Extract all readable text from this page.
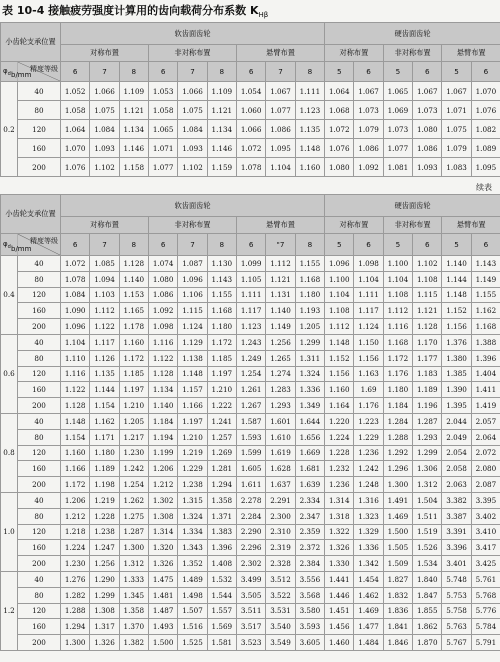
表 10-4 接触疲劳强度计算用的齿向载荷分布系数 $K_{H\beta}$
小齿轮支承位置		软齿面齿轮									硬齿面齿轮					
		对称布置			非对称布置			悬臂布置			对称布置		非对称布置		悬臂布置	

$\varphi_d$
精度等级
b/mm		6	7	8	6	7	8	6	7	8	5	6	5	6	5	6
0.2	40	1.052	1.066	1.109	1.053	1.066	1.109	1.054	1.067	1.111	1.064	1.067	1.065	1.067	1.067	1.070
	80	1.058	1.075	1.121	1.058	1.075	1.121	1.060	1.077	1.123	1.068	1.073	1.069	1.073	1.071	1.076
	120	1.064	1.084	1.134	1.065	1.084	1.134	1.066	1.086	1.135	1.072	1.079	1.073	1.080	1.075	1.082
	160	1.070	1.093	1.146	1.071	1.093	1.146	1.072	1.095	1.148	1.076	1.086	1.077	1.086	1.079	1.089
	200	1.076	1.102	1.158	1.077	1.102	1.159	1.078	1.104	1.160	1.080	1.092	1.081	1.093	1.083	1.095
续表
小齿轮支承位置		软齿面齿轮									硬齿面齿轮					
		对称布置			非对称布置			悬臂布置			对称布置		非对称布置		悬臂布置	

$\varphi_d$
精度等级
b/mm		6	7	8	6	7	8	6	"7	8	5	6	5	6	5	6
0.4	40	1.072	1.085	1.128	1.074	1.087	1.130	1.099	1.112	1.155	1.096	1.098	1.100	1.102	1.140	1.143
	80	1.078	1.094	1.140	1.080	1.096	1.143	1.105	1.121	1.168	1.100	1.104	1.104	1.108	1.144	1.149
	120	1.084	1.103	1.153	1.086	1.106	1.155	1.111	1.131	1.180	1.104	1.111	1.108	1.115	1.148	1.155
	160	1.090	1.112	1.165	1.092	1.115	1.168	1.117	1.140	1.193	1.108	1.117	1.112	1.121	1.152	1.162
	200	1.096	1.122	1.178	1.098	1.124	1.180	1.123	1.149	1.205	1.112	1.124	1.116	1.128	1.156	1.168
0.6	40	1.104	1.117	1.160	1.116	1.129	1.172	1.243	1.256	1.299	1.148	1.150	1.168	1.170	1.376	1.388
	80	1.110	1.126	1.172	1.122	1.138	1.185	1.249	1.265	1.311	1.152	1.156	1.172	1.177	1.380	1.396
	120	1.116	1.135	1.185	1.128	1.148	1.197	1.254	1.274	1.324	1.156	1.163	1.176	1.183	1.385	1.404
	160	1.122	1.144	1.197	1.134	1.157	1.210	1.261	1.283	1.336	1.160	1.69	1.180	1.189	1.390	1.411
	200	1.128	1.154	1.210	1.140	1.166	1.222	1.267	1.293	1.349	1.164	1.176	1.184	1.196	1.395	1.419
0.8	40	1.148	1.162	1.205	1.184	1.197	1.241	1.587	1.601	1.644	1.220	1.223	1.284	1.287	2.044	2.057
	80	1.154	1.171	1.217	1.194	1.210	1.257	1.593	1.610	1.656	1.224	1.229	1.288	1.293	2.049	2.064
	120	1.160	1.180	1.230	1.199	1.219	1.269	1.599	1.619	1.669	1.228	1.236	1.292	1.299	2.054	2.072
	160	1.166	1.189	1.242	1.206	1.229	1.281	1.605	1.628	1.681	1.232	1.242	1.296	1.306	2.058	2.080
	200	1.172	1.198	1.254	1.212	1.238	1.294	1.611	1.637	1.639	1.236	1.248	1.300	1.312	2.063	2.087
1.0	40	1.206	1.219	1.262	1.302	1.315	1.358	2.278	2.291	2.334	1.314	1.316	1.491	1.504	3.382	3.395
	80	1.212	1.228	1.275	1.308	1.324	1.371	2.284	2.300	2.347	1.318	1.323	1.469	1.511	3.387	3.402
	120	1.218	1.238	1.287	1.314	1.334	1.383	2.290	2.310	2.359	1.322	1.329	1.500	1.519	3.391	3.410
	160	1.224	1.247	1.300	1.320	1.343	1.396	2.296	2.319	2.372	1.326	1.336	1.505	1.526	3.396	3.417
	200	1.230	1.256	1.312	1.326	1.352	1.408	2.302	2.328	2.384	1.330	1.342	1.509	1.534	3.401	3.425
1.2	40	1.276	1.290	1.333	1.475	1.489	1.532	3.499	3.512	3.556	1.441	1.454	1.827	1.840	5.748	5.761
	80	1.282	1.299	1.345	1.481	1.498	1.544	3.505	3.522	3.568	1.446	1.462	1.832	1.847	5.753	5.768
	120	1.288	1.308	1.358	1.487	1.507	1.557	3.511	3.531	3.580	1.451	1.469	1.836	1.855	5.758	5.776
	160	1.294	1.317	1.370	1.493	1.516	1.569	3.517	3.540	3.593	1.456	1.477	1.841	1.862	5.763	5.784
	200	1.300	1.326	1.382	1.500	1.525	1.581	3.523	3.549	3.605	1.460	1.484	1.846	1.870	5.767	5.791
